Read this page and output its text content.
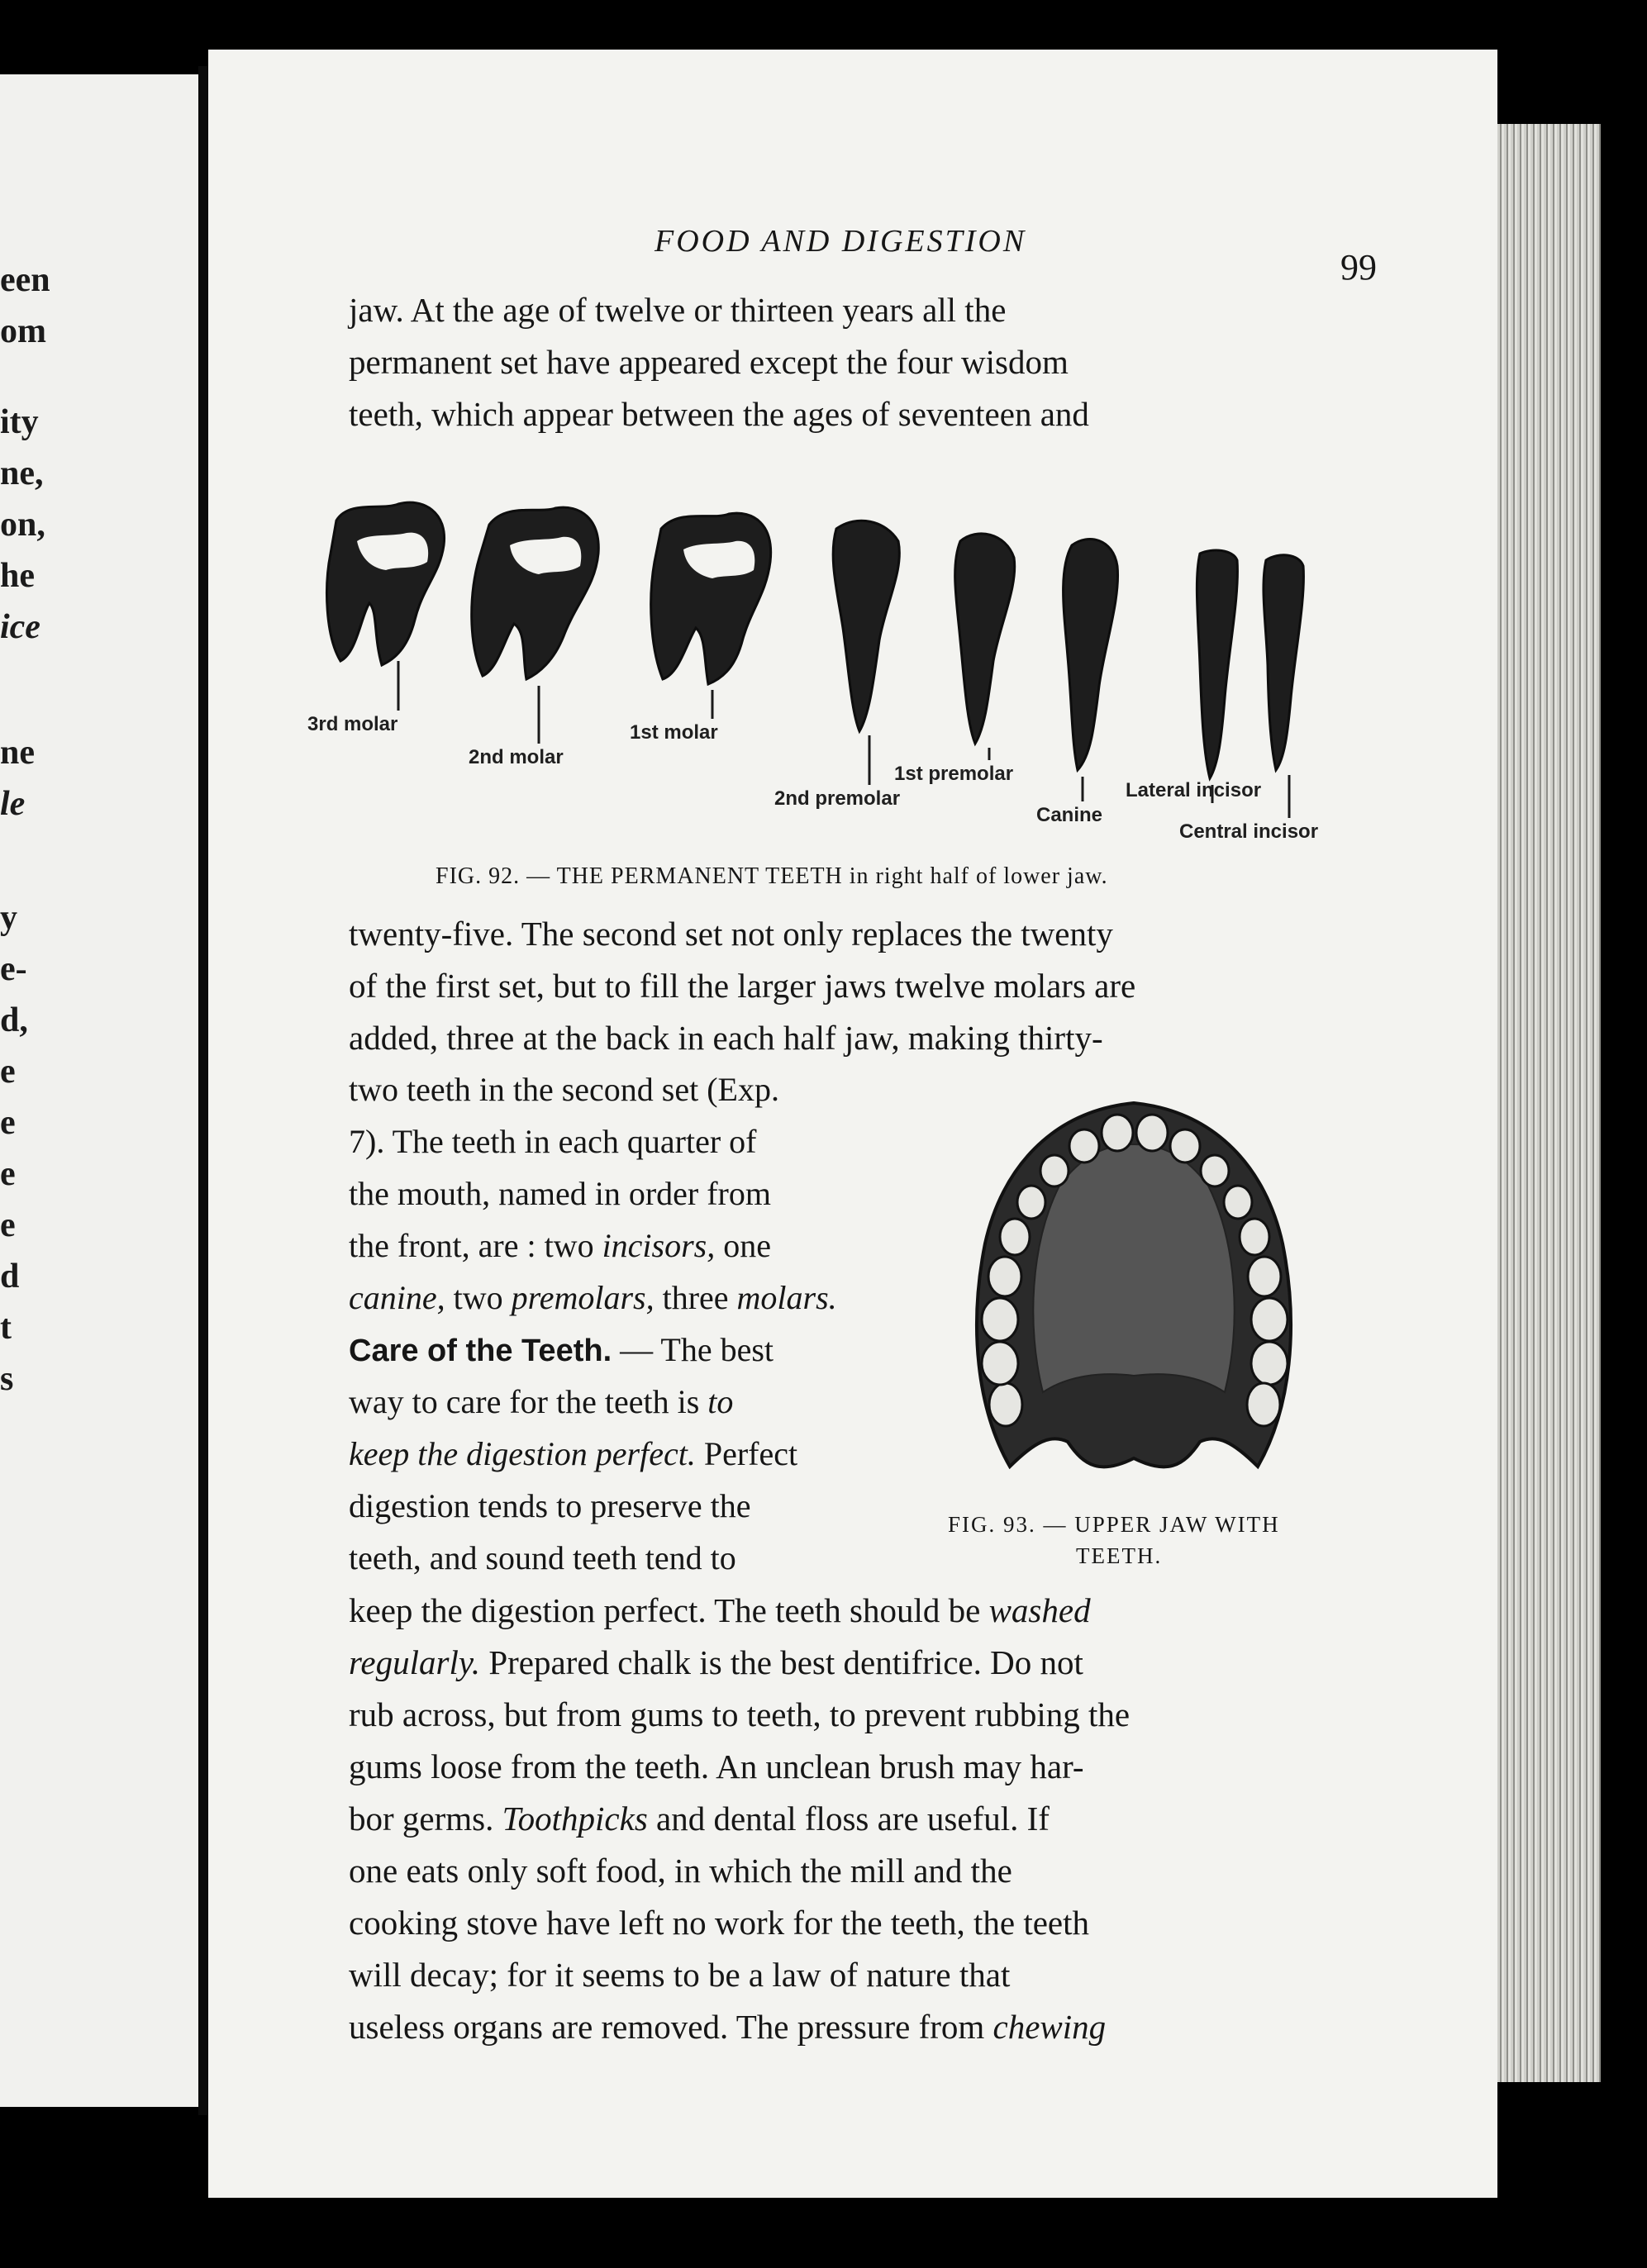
een
om
ity
ne,
on,
he
ice
ne
le
y
e-
d,
e
e
e
e
d
t
s
FOOD AND DIGESTION
99
jaw. At the age of twelve or thirteen years all the
permanent set have appeared except the four wisdom
teeth, which appear between the ages of seventeen and
3rd molar
2nd molar
1st molar
2nd premolar
1st premolar
Canine
Lateral incisor
Central incisor
FIG. 92. — THE PERMANENT TEETH in right half of lower jaw.
twenty-five. The second set not only replaces the twenty
of the first set, but to fill the larger jaws twelve molars are
added, three at the back in each half jaw, making thirty-
two teeth in the second set (Exp.
7). The teeth in each quarter of
the mouth, named in order from
the front, are : two incisors, one
canine, two premolars, three molars.
Care of the Teeth. — The best
way to care for the teeth is to
keep the digestion perfect. Perfect
digestion tends to preserve the
teeth, and sound teeth tend to
FIG. 93. — UPPER JAW WITH
TEETH.
keep the digestion perfect. The teeth should be washed
regularly. Prepared chalk is the best dentifrice. Do not
rub across, but from gums to teeth, to prevent rubbing the
gums loose from the teeth. An unclean brush may har-
bor germs. Toothpicks and dental floss are useful. If
one eats only soft food, in which the mill and the
cooking stove have left no work for the teeth, the teeth
will decay; for it seems to be a law of nature that
useless organs are removed. The pressure from chewing
